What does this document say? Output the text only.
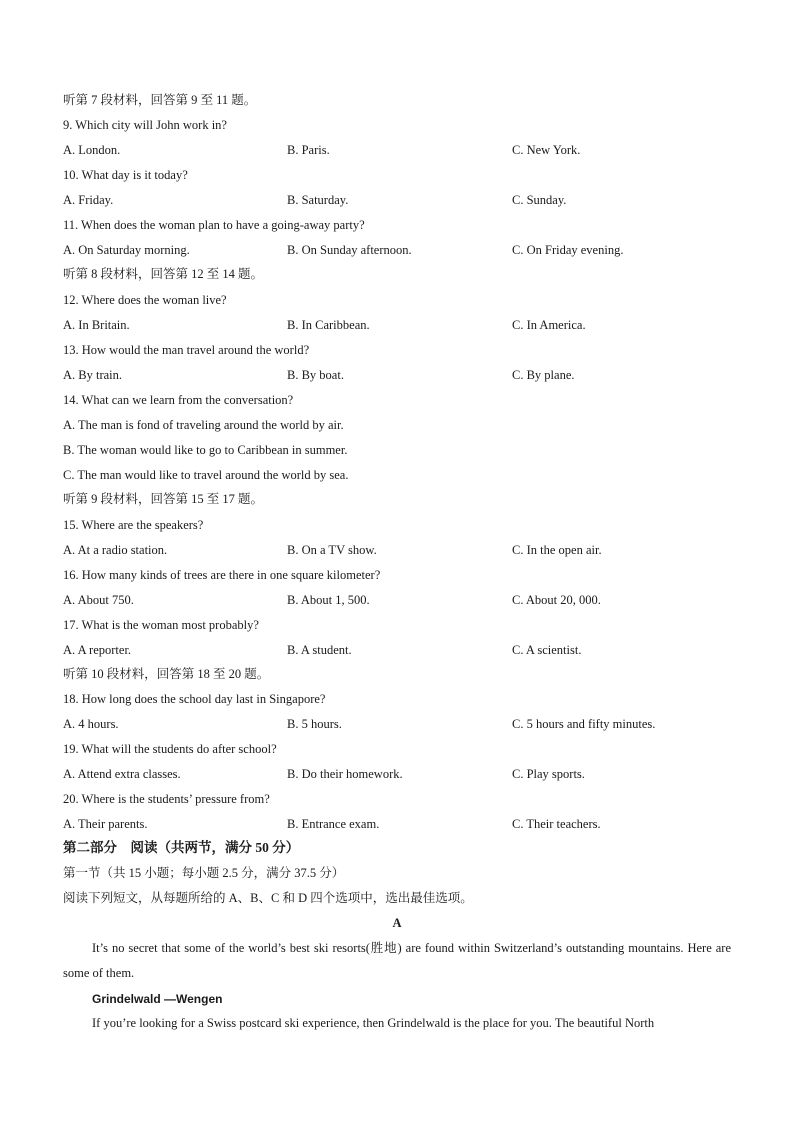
听第 7 段材料，回答第 9 至 11 题。
9. Which city will John work in?
A. London.	B. Paris.	C. New York.
10. What day is it today?
A. Friday.	B. Saturday.	C. Sunday.
11. When does the woman plan to have a going-away party?
A. On Saturday morning.	B. On Sunday afternoon.	C. On Friday evening.
听第 8 段材料，回答第 12 至 14 题。
12. Where does the woman live?
A. In Britain.	B. In Caribbean.	C. In America.
13. How would the man travel around the world?
A. By train.	B. By boat.	C. By plane.
14. What can we learn from the conversation?
A. The man is fond of traveling around the world by air.
B. The woman would like to go to Caribbean in summer.
C. The man would like to travel around the world by sea.
听第 9 段材料，回答第 15 至 17 题。
15. Where are the speakers?
A. At a radio station.	B. On a TV show.	C. In the open air.
16. How many kinds of trees are there in one square kilometer?
A. About 750.	B. About 1, 500.	C. About 20, 000.
17. What is the woman most probably?
A. A reporter.	B. A student.	C. A scientist.
听第 10 段材料，回答第 18 至 20 题。
18. How long does the school day last in Singapore?
A. 4 hours.	B. 5 hours.	C. 5 hours and fifty minutes.
19. What will the students do after school?
A. Attend extra classes.	B. Do their homework.	C. Play sports.
20. Where is the students’ pressure from?
A. Their parents.	B. Entrance exam.	C. Their teachers.
第二部分    阅读（共两节，满分 50 分）
第一节（共 15 小题；每小题 2.5 分，满分 37.5 分）
阅读下列短文，从每题所给的 A、B、C 和 D 四个选项中，选出最佳选项。
A
It’s no secret that some of the world’s best ski resorts(胜地) are found within Switzerland’s outstanding mountains. Here are some of them.
Grindelwald —Wengen
If you’re looking for a Swiss postcard ski experience, then Grindelwald is the place for you. The beautiful North
